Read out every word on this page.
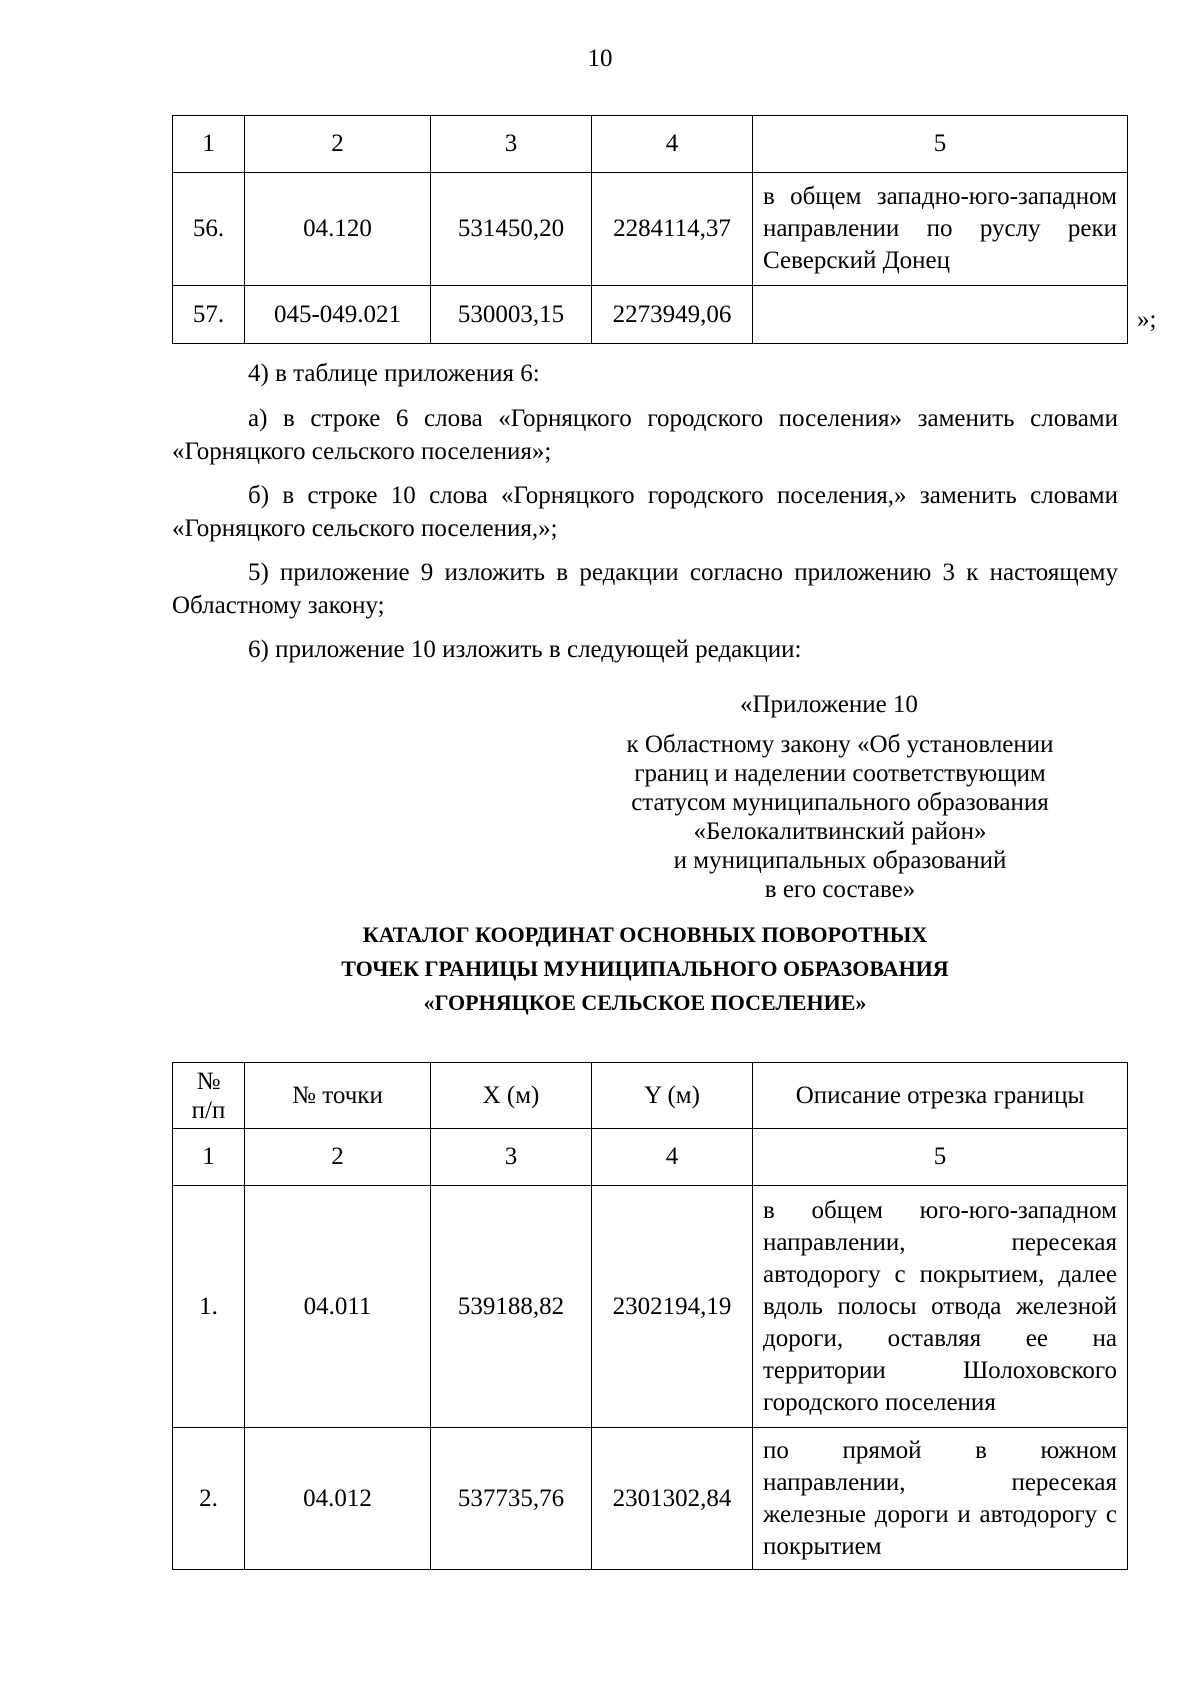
10
1	2	3	4	5
56.	04.120	531450,20	2284114,37	в общем западно-юго-западном направлении по руслу реки Северский Донец
57.	045-049.021	530003,15	2273949,06		»;

4) в таблице приложения 6:

а) в строке 6 слова «Горняцкого городского поселения» заменить словами «Горняцкого сельского поселения»;

б) в строке 10 слова «Горняцкого городского поселения,» заменить словами «Горняцкого сельского поселения,»;

5) приложение 9 изложить в редакции согласно приложению 3 к настоящему Областному закону;

6) приложение 10 изложить в следующей редакции:

«Приложение 10
к Областному закону «Об установлении
границ и наделении соответствующим
статусом муниципального образования
«Белокалитвинский район»
и муниципальных образований
в его составе»
КАТАЛОГ КООРДИНАТ ОСНОВНЫХ ПОВОРОТНЫХ
ТОЧЕК ГРАНИЦЫ МУНИЦИПАЛЬНОГО ОБРАЗОВАНИЯ
«ГОРНЯЦКОЕ СЕЛЬСКОЕ ПОСЕЛЕНИЕ»
№ п/п	№ точки	X (м)	Y (м)	Описание отрезка границы
1	2	3	4	5
1.	04.011	539188,82	2302194,19	в общем юго-юго-западном направлении, пересекая автодорогу с покрытием, далее вдоль полосы отвода железной дороги, оставляя ее на территории Шолоховского городского поселения
2.	04.012	537735,76	2301302,84	по прямой в южном направлении, пересекая железные дороги и автодорогу с покрытием
